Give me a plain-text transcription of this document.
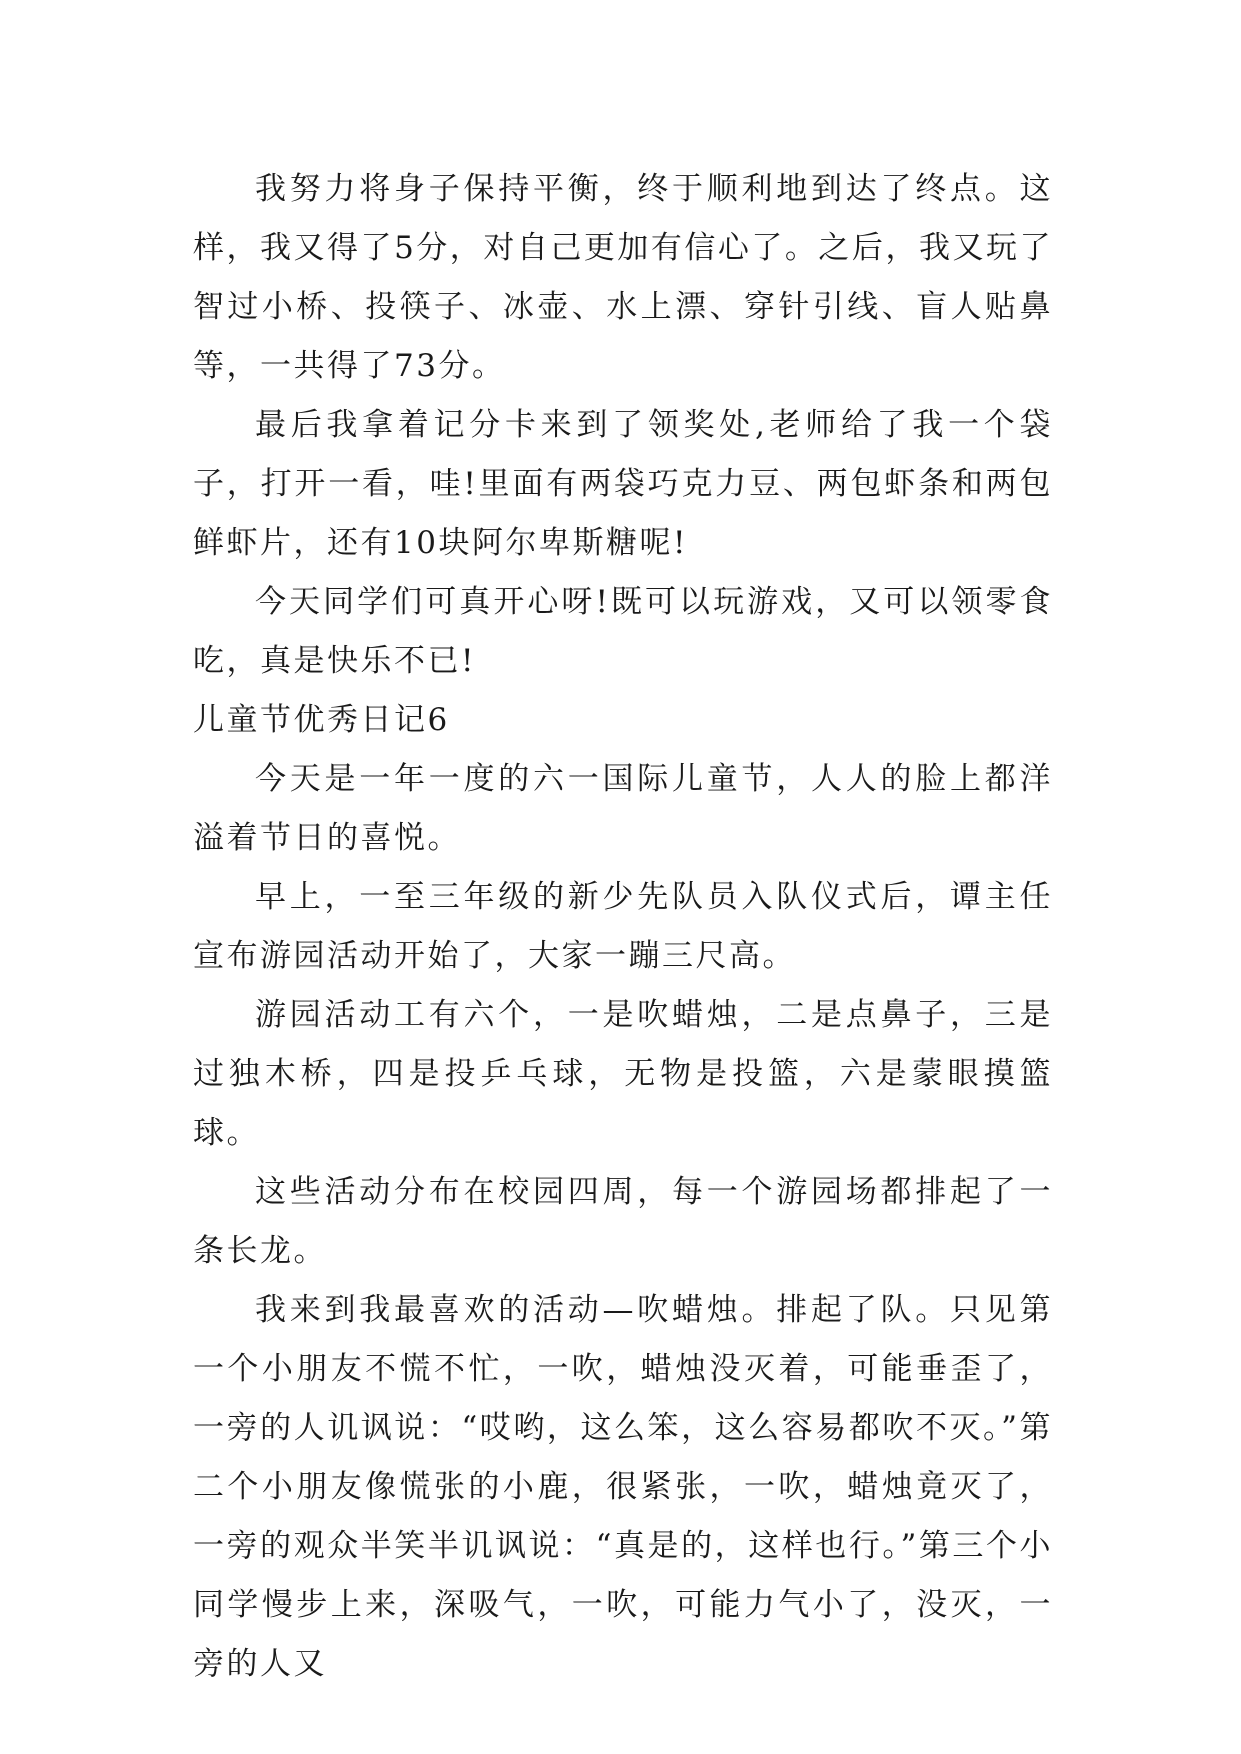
我努力将身子保持平衡，终于顺利地到达了终点。这样，我又得了5分，对自己更加有信心了。之后，我又玩了智过小桥、投筷子、冰壶、水上漂、穿针引线、盲人贴鼻等，一共得了73分。

最后我拿着记分卡来到了领奖处,老师给了我一个袋子，打开一看，哇!里面有两袋巧克力豆、两包虾条和两包鲜虾片，还有10块阿尔卑斯糖呢!

今天同学们可真开心呀!既可以玩游戏，又可以领零食吃，真是快乐不已!

儿童节优秀日记6

今天是一年一度的六一国际儿童节，人人的脸上都洋溢着节日的喜悦。

早上，一至三年级的新少先队员入队仪式后，谭主任宣布游园活动开始了，大家一蹦三尺高。

游园活动工有六个，一是吹蜡烛，二是点鼻子，三是过独木桥，四是投乒乓球，无物是投篮，六是蒙眼摸篮球。

这些活动分布在校园四周，每一个游园场都排起了一条长龙。

我来到我最喜欢的活动—吹蜡烛。排起了队。只见第一个小朋友不慌不忙，一吹，蜡烛没灭着，可能垂歪了，一旁的人讥讽说：“哎哟，这么笨，这么容易都吹不灭。”第二个小朋友像慌张的小鹿，很紧张，一吹，蜡烛竟灭了，一旁的观众半笑半讥讽说：“真是的，这样也行。”第三个小同学慢步上来，深吸气，一吹，可能力气小了，没灭，一旁的人又
